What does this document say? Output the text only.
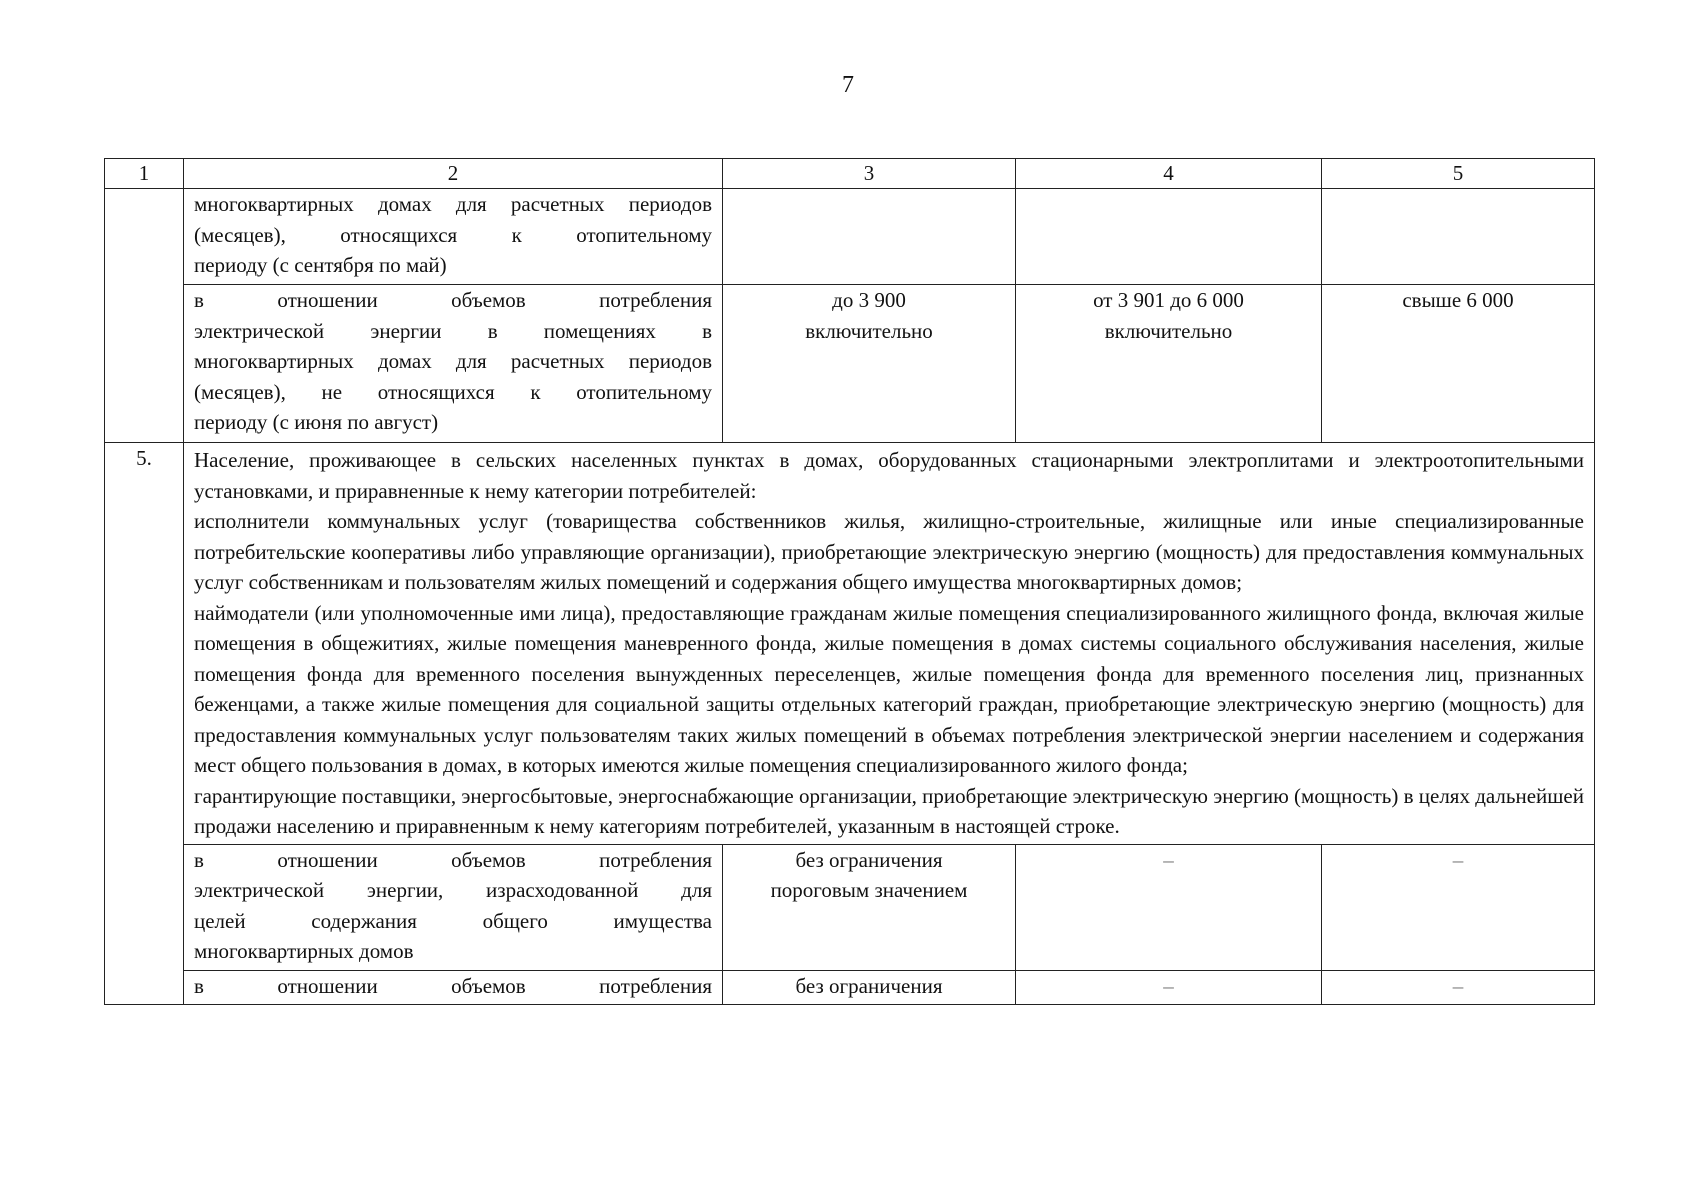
7
1	2	3	4	5

	многоквартирных домах для расчетных периодов
(месяцев), относящихся к отопительному
периоду (с сентября по май)			

	в отношении объемов потребления
электрической энергии в помещениях в
многоквартирных домах для расчетных периодов
(месяцев), не относящихся к отопительному
периоду (с июня по август)	до 3 900
включительно	от 3 901 до 6 000
включительно	свыше 6 000
5.	Население, проживающее в сельских населенных пунктах в домах, оборудованных стационарными электроплитами и электроотопительными установками, и приравненные к нему категории потребителей:

исполнители коммунальных услуг (товарищества собственников жилья, жилищно-строительные, жилищные или иные специализированные потребительские кооперативы либо управляющие организации), приобретающие электрическую энергию (мощность) для предоставления коммунальных услуг собственникам и пользователям жилых помещений и содержания общего имущества многоквартирных домов;

наймодатели (или уполномоченные ими лица), предоставляющие гражданам жилые помещения специализированного жилищного фонда, включая жилые помещения в общежитиях, жилые помещения маневренного фонда, жилые помещения в домах системы социального обслуживания населения, жилые помещения фонда для временного поселения вынужденных переселенцев, жилые помещения фонда для временного поселения лиц, признанных беженцами, а также жилые помещения для социальной защиты отдельных категорий граждан, приобретающие электрическую энергию (мощность) для предоставления коммунальных услуг пользователям таких жилых помещений в объемах потребления электрической энергии населением и содержания мест общего пользования в домах, в которых имеются жилые помещения специализированного жилого фонда;

гарантирующие поставщики, энергосбытовые, энергоснабжающие организации, приобретающие электрическую энергию (мощность) в целях дальнейшей продажи населению и приравненным к нему категориям потребителей, указанным в настоящей строке.			

	в отношении объемов потребления
электрической энергии, израсходованной для
целей содержания общего имущества
многоквартирных домов	без ограничения
пороговым значением	–	–

	в отношении объемов потребления	без ограничения	–	–
